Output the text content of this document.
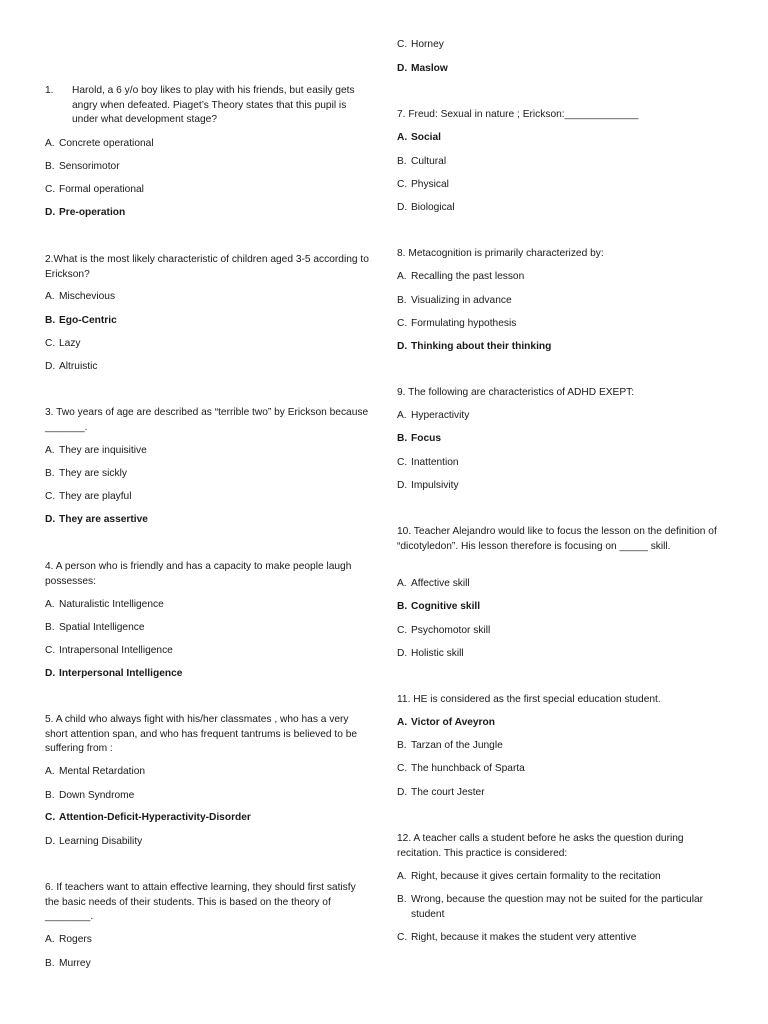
1.	Harold, a 6 y/o boy likes to play with his friends, but easily gets angry when defeated. Piaget’s Theory states that this pupil is under what development stage?
A. Concrete operational
B. Sensorimotor
C. Formal operational
D. Pre-operation
2.What is the most likely characteristic of children aged 3-5 according to Erickson?
A. Mischevious
B. Ego-Centric
C. Lazy
D. Altruistic
3. Two years of age are described as “terrible two” by Erickson because _______.
A. They are inquisitive
B. They are sickly
C. They are playful
D. They are assertive
4. A person who is friendly and has a capacity to make people laugh possesses:
A. Naturalistic Intelligence
B. Spatial Intelligence
C. Intrapersonal Intelligence
D. Interpersonal Intelligence
5. A child who always fight with his/her classmates , who has a very short attention span, and who has frequent tantrums is believed to be suffering from :
A. Mental Retardation
B. Down Syndrome
C. Attention-Deficit-Hyperactivity-Disorder
D. Learning Disability
6. If teachers want to attain effective learning, they should first satisfy the basic needs of their students. This is based on the theory of ________.
A. Rogers
B. Murrey
C. Horney
D. Maslow
7. Freud: Sexual in nature ; Erickson:_____________
A. Social
B. Cultural
C. Physical
D. Biological
8. Metacognition is primarily characterized by:
A. Recalling the past lesson
B. Visualizing in advance
C. Formulating hypothesis
D. Thinking about their thinking
9. The following are characteristics of ADHD EXEPT:
A. Hyperactivity
B. Focus
C. Inattention
D. Impulsivity
10. Teacher Alejandro would like to focus the lesson on the definition of “dicotyledon”. His lesson therefore is focusing on _____ skill.
A. Affective skill
B. Cognitive skill
C. Psychomotor skill
D. Holistic skill
11. HE is considered as the first special education student.
A. Victor of Aveyron
B. Tarzan of the Jungle
C. The hunchback of Sparta
D. The court Jester
12. A teacher calls a student before he asks the question during recitation. This practice is considered:
A. Right, because it gives certain formality to the recitation
B. Wrong, because the question may not be suited for the particular student
C. Right, because it makes the student very attentive
